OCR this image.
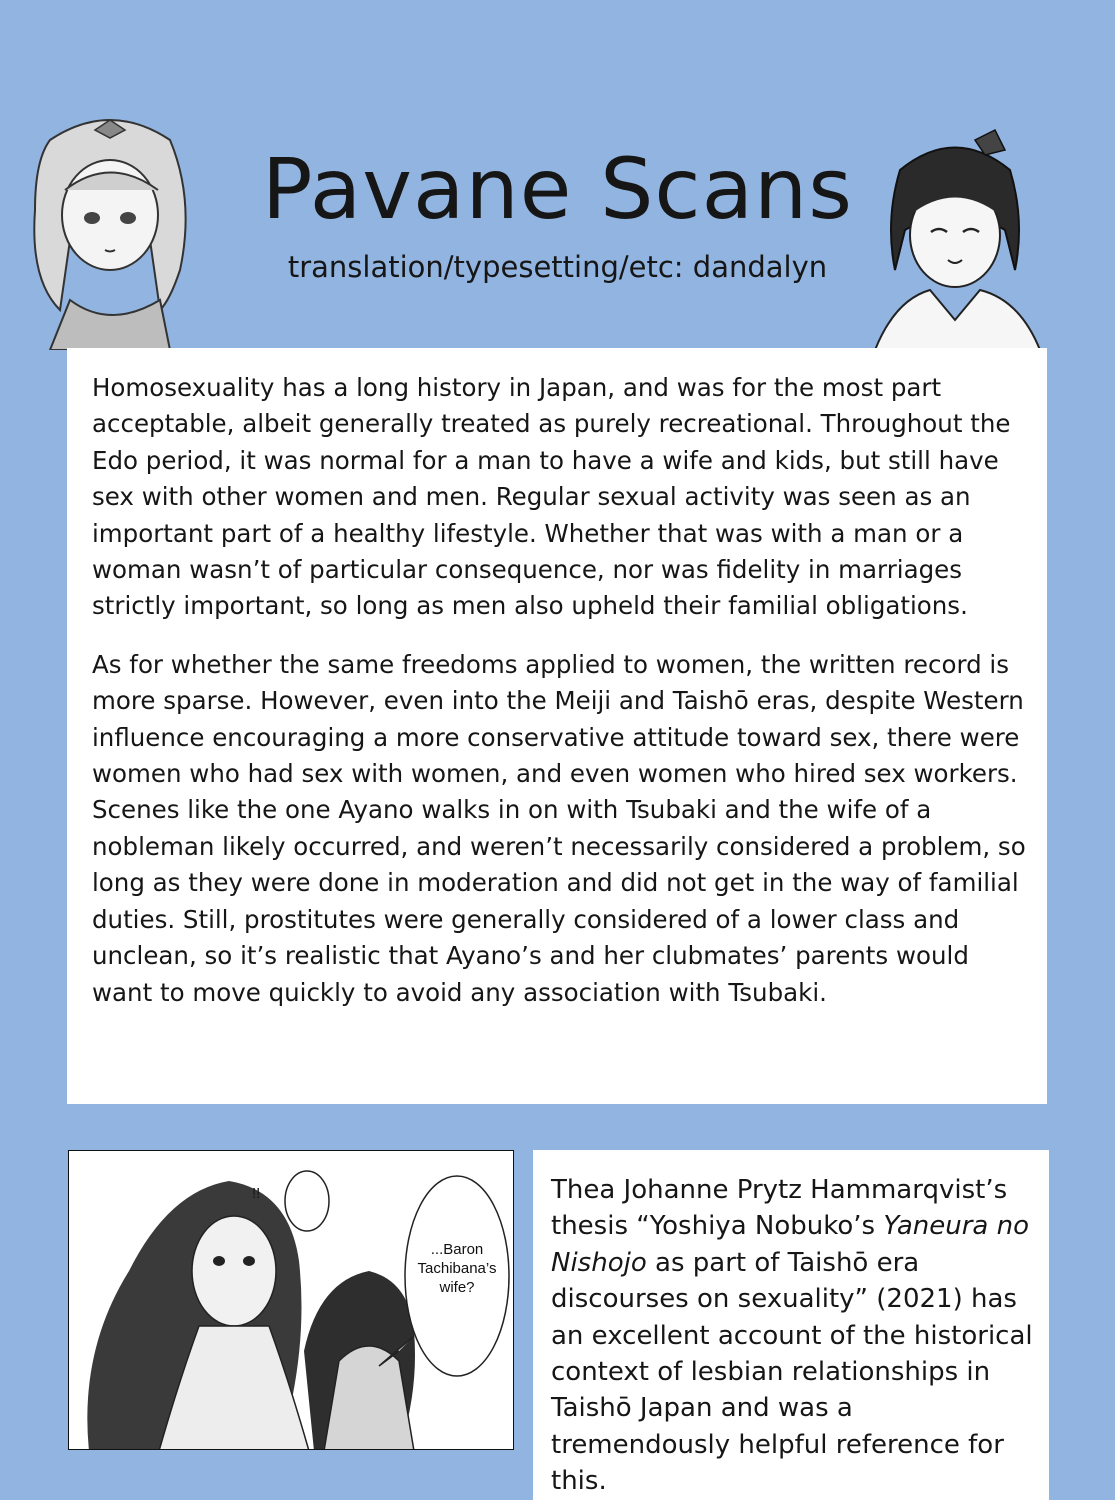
Pavane Scans
translation/typesetting/etc: dandalyn

Homosexuality has a long history in Japan, and was for the most part acceptable, albeit generally treated as purely recreational. Throughout the Edo period, it was normal for a man to have a wife and kids, but still have sex with other women and men. Regular sexual activity was seen as an important part of a healthy lifestyle. Whether that was with a man or a woman wasn’t of particular consequence, nor was fidelity in marriages strictly important, so long as men also upheld their familial obligations.

As for whether the same freedoms applied to women, the written record is more sparse. However, even into the Meiji and Taishō eras, despite Western influence encouraging a more conservative attitude toward sex, there were women who had sex with women, and even women who hired sex workers. Scenes like the one Ayano walks in on with Tsubaki and the wife of a nobleman likely occurred, and weren’t necessarily considered a problem, so long as they were done in moderation and did not get in the way of familial duties. Still, prostitutes were generally considered of a lower class and unclean, so it’s realistic that Ayano’s and her clubmates’ parents would want to move quickly to avoid any association with Tsubaki.

!!
...Baron
Tachibana’s
wife?
Thea Johanne Prytz Hammarqvist’s thesis “Yoshiya Nobuko’s Yaneura no Nishojo as part of Taishō era discourses on sexuality” (2021) has an excellent account of the historical context of lesbian relationships in Taishō Japan and was a tremendously helpful reference for this.
